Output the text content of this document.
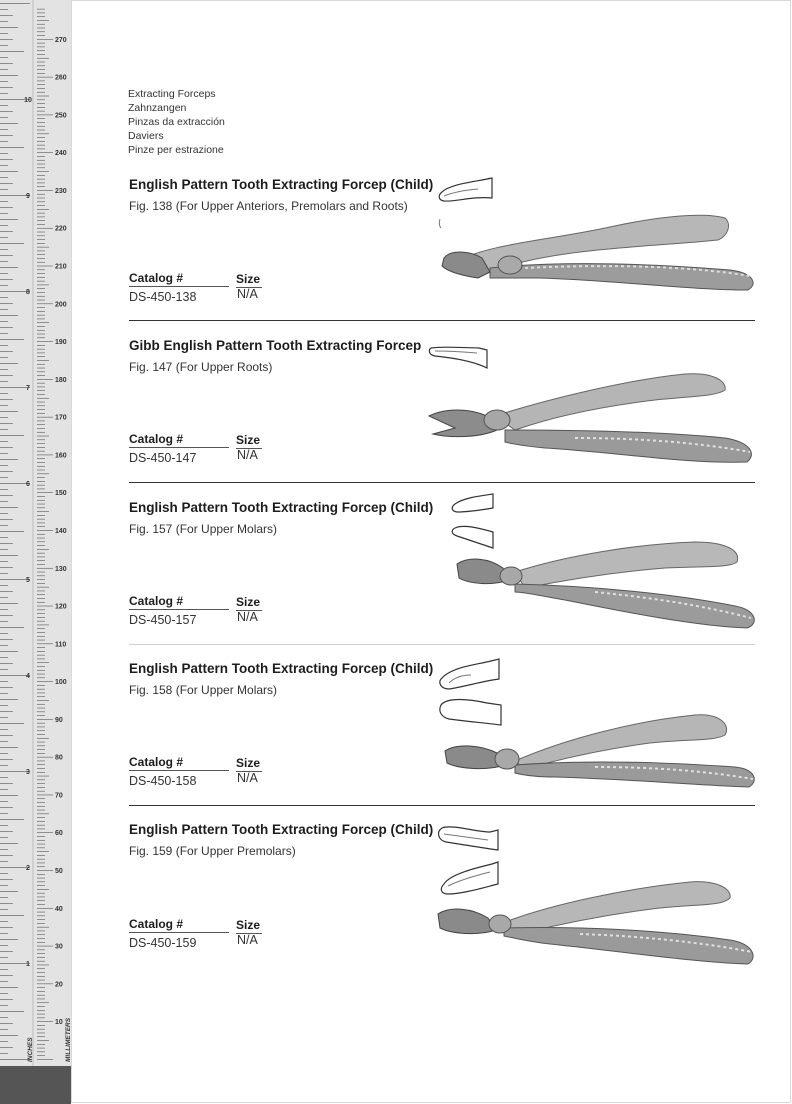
10
20
30
40
50
60
70
80
90
100
110
120
130
140
150
160
170
180
190
200
210
220
230
240
250
260
270
1
2
3
4
5
6
7
8
9
10
INCHES	MILLIMETERS
Extracting Forceps
Zahnzangen
Pinzas da extracción
Daviers
Pinze per estrazione
English Pattern Tooth Extracting Forcep (Child)
Fig. 138 (For Upper Anteriors, Premolars and Roots)
Catalog #	Size
DS-450-138	N/A
Gibb English Pattern Tooth Extracting Forcep
Fig. 147 (For Upper Roots)
Catalog #	Size
DS-450-147	N/A
English Pattern Tooth Extracting Forcep (Child)
Fig. 157 (For Upper Molars)
Catalog #	Size
DS-450-157	N/A
English Pattern Tooth Extracting Forcep (Child)
Fig. 158 (For Upper Molars)
Catalog #	Size
DS-450-158	N/A
English Pattern Tooth Extracting Forcep (Child)
Fig. 159 (For Upper Premolars)
Catalog #	Size
DS-450-159	N/A
